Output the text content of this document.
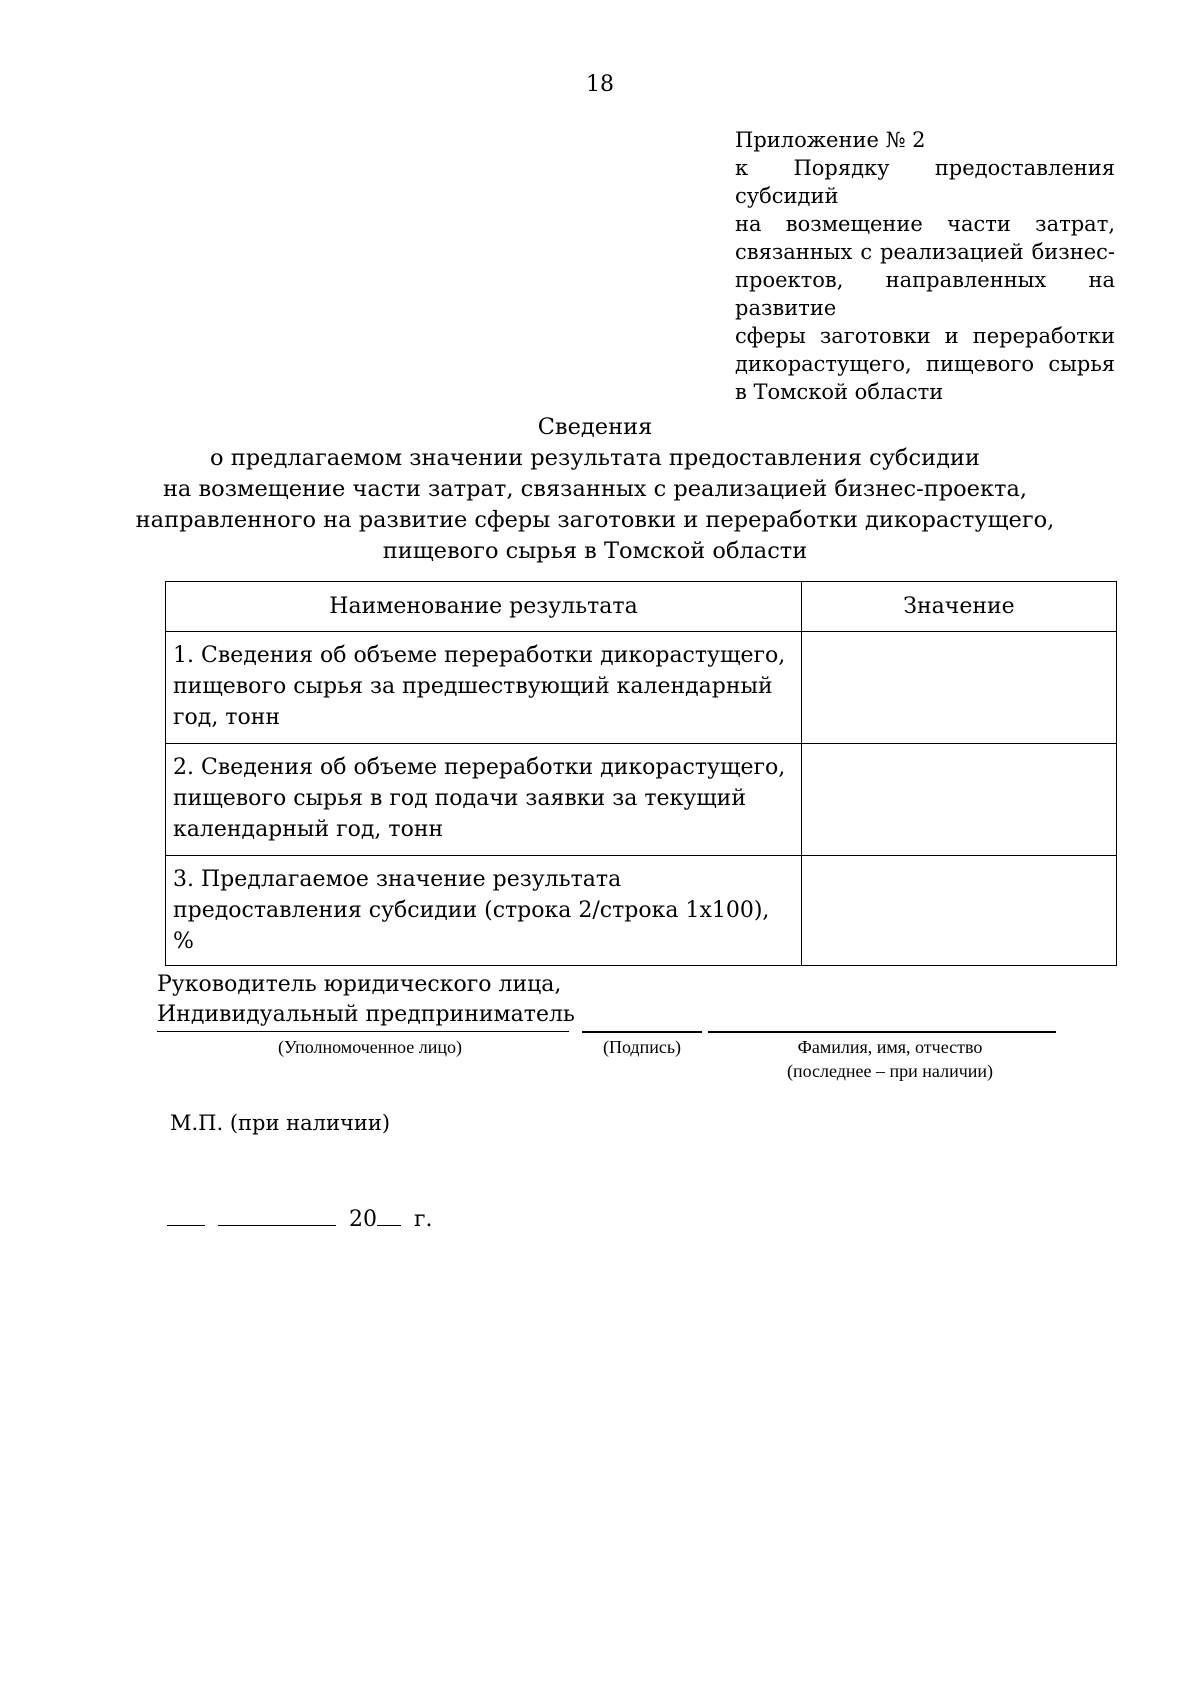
18
Приложение № 2
к Порядку предоставления субсидий
на возмещение части затрат,
связанных с реализацией бизнес-
проектов, направленных на развитие
сферы заготовки и переработки
дикорастущего, пищевого сырья
в Томской области
Сведения
о предлагаемом значении результата предоставления субсидии
на возмещение части затрат, связанных с реализацией бизнес-проекта,
направленного на развитие сферы заготовки и переработки дикорастущего,
пищевого сырья в Томской области
Наименование результата	Значение
1. Сведения об объеме переработки дикорастущего, пищевого сырья за предшествующий календарный год, тонн	
2. Сведения об объеме переработки дикорастущего, пищевого сырья в год подачи заявки за текущий календарный год, тонн	
3. Предлагаемое значение результата предоставления субсидии (строка 2/строка 1х100), %	
Руководитель юридического лица,
Индивидуальный предприниматель
(Уполномоченное лицо)	(Подпись)	Фамилия, имя, отчество
(последнее – при наличии)
М.П. (при наличии)
20 г.
